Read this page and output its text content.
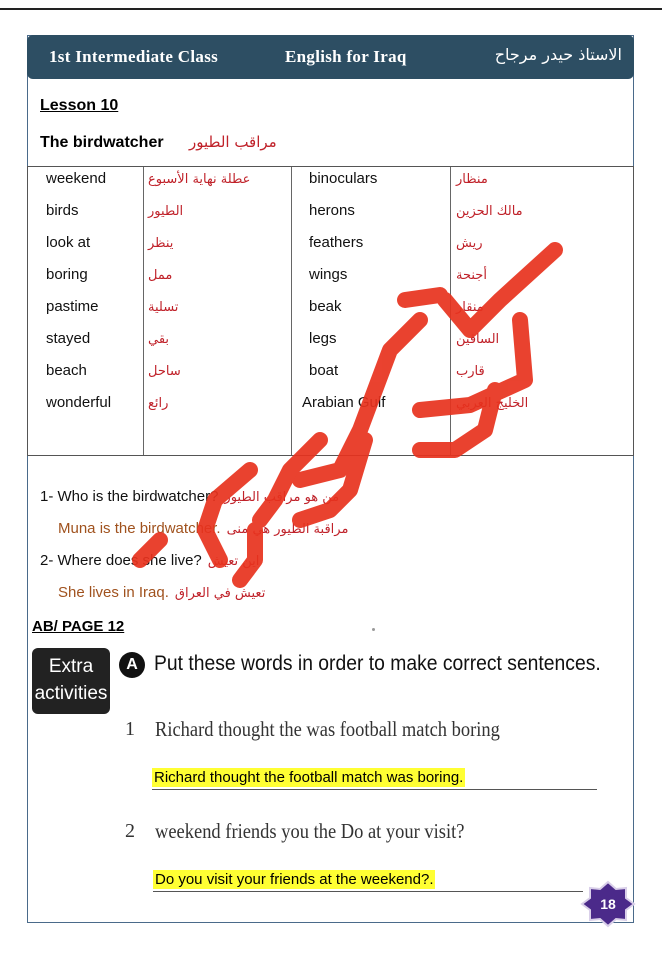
1st Intermediate Class	English for Iraq	الاستاذ حيدر مرجاح
Lesson 10
The birdwatcher مراقب الطيور
weekend
birds
look at
boring
pastime
stayed
beach
wonderful
عطلة نهاية الأسبوع
الطيور
ينظر
ممل
تسلية
بقي
ساحل
رائع
binoculars
herons
feathers
wings
beak
legs
boat
Arabian Gulf
منظار
مالك الحزين
ريش
أجنحة
منقار
الساقين
قارب
الخليج العربي
1- Who is the birdwatcher? من هو مراقب الطيور
Muna is the birdwatcher. مراقبة الطيور هي منى
2- Where does she live? اين تعيش
She lives in Iraq. تعيش في العراق
AB/ PAGE 12
Extra
activities
A Put these words in order to make correct sentences.
1 Richard thought the was football match boring
Richard thought the football match was boring.
2 weekend friends you the Do at your visit?
Do you visit your friends at the weekend?.
18
